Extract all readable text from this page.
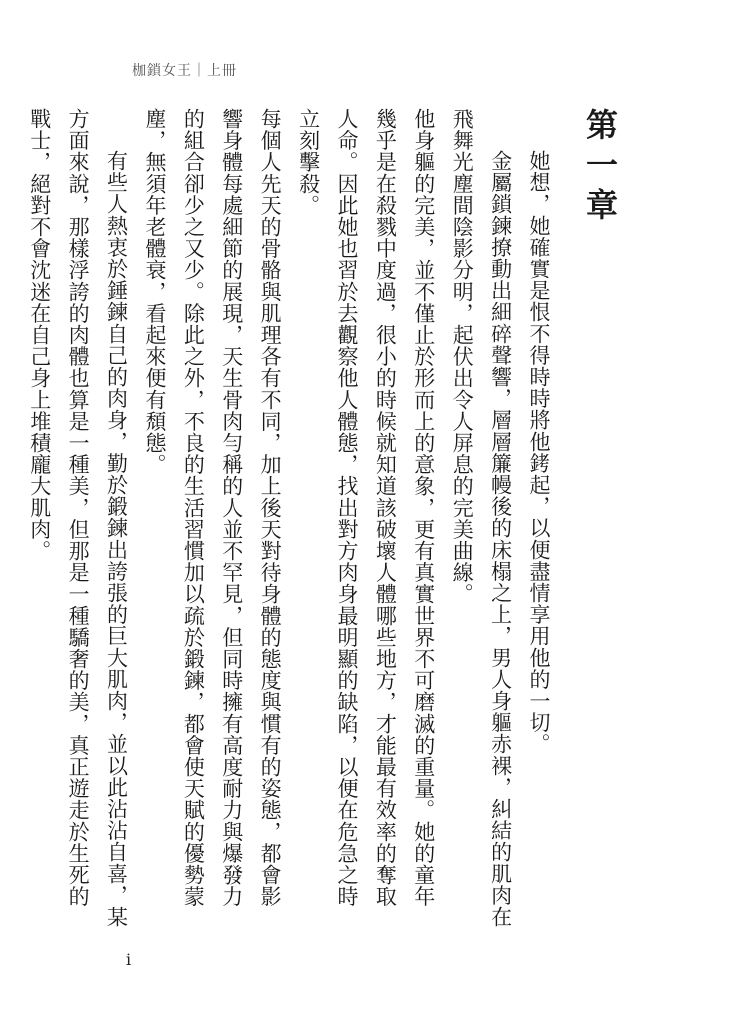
枷鎖女王｜上冊
第一章

她想，她確實是恨不得時時將他銬起，以便盡情享用他的一切。

金屬鎖鍊撩動出細碎聲響，層層簾幔後的床榻之上，男人身軀赤裸，糾結的肌肉在飛舞光塵間陰影分明，起伏出令人屏息的完美曲線。

他身軀的完美，並不僅止於形而上的意象，更有真實世界不可磨滅的重量。她的童年幾乎是在殺戮中度過，很小的時候就知道該破壞人體哪些地方，才能最有效率的奪取人命。因此她也習於去觀察他人體態，找出對方肉身最明顯的缺陷，以便在危急之時立刻擊殺。

每個人先天的骨骼與肌理各有不同，加上後天對待身體的態度與慣有的姿態，都會影響身體每處細節的展現，天生骨肉勻稱的人並不罕見，但同時擁有高度耐力與爆發力的組合卻少之又少。除此之外，不良的生活習慣加以疏於鍛鍊，都會使天賦的優勢蒙塵，無須年老體衰，看起來便有頹態。

有些人熱衷於錘鍊自己的肉身，勤於鍛鍊出誇張的巨大肌肉，並以此沾沾自喜，某方面來說，那樣浮誇的肉體也算是一種美，但那是一種驕奢的美，真正遊走於生死的戰士，絕對不會沈迷在自己身上堆積龐大肌肉。

i
